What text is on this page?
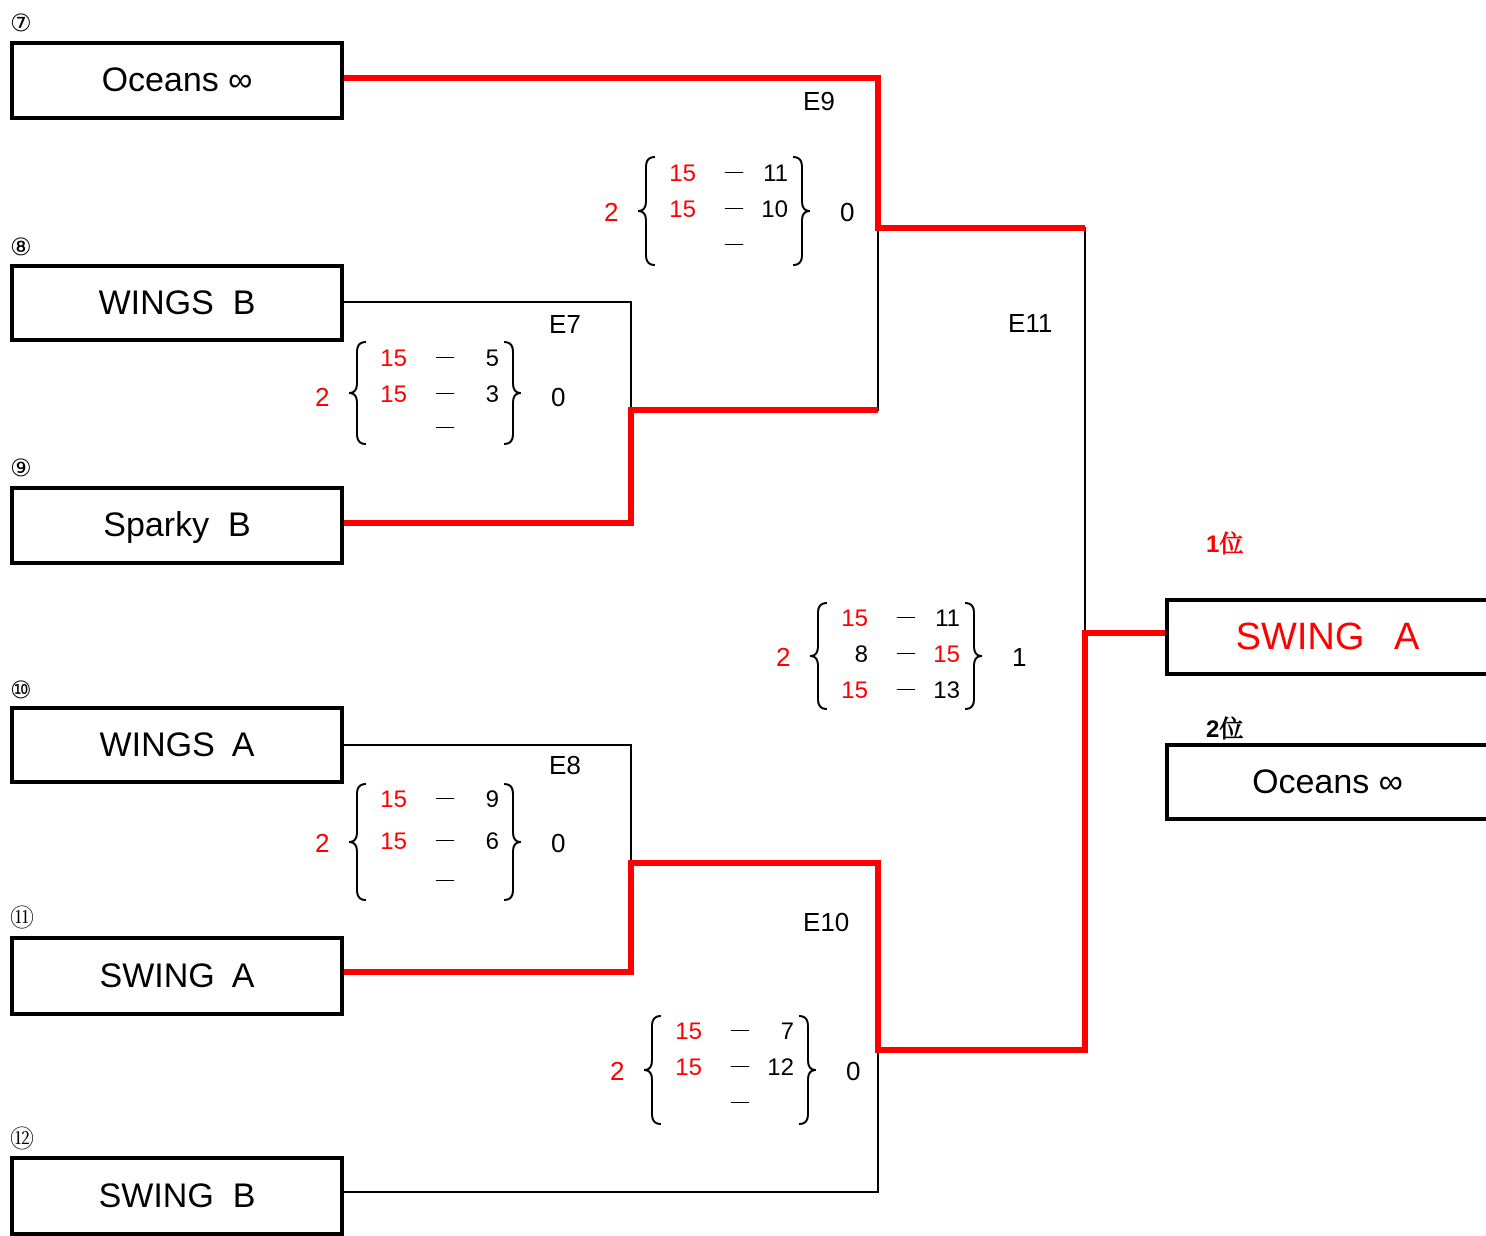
⑦
Oceans ∞
⑧
WINGS  B
⑨
Sparky  B
⑩
WINGS  A
⑪
SWING  A
⑫
SWING  B
E9
E7	E11
E8
E10
2
15 － 11
15 － 10
－
0
2
15 －	5
15 －	3
－
0
2
15 － 11
8 － 15
15 － 13
1
2
15 －	9
15 －	6
－
0
2
15 －	7
15 － 12
－
0
1位
SWING   A
2位
Oceans ∞
